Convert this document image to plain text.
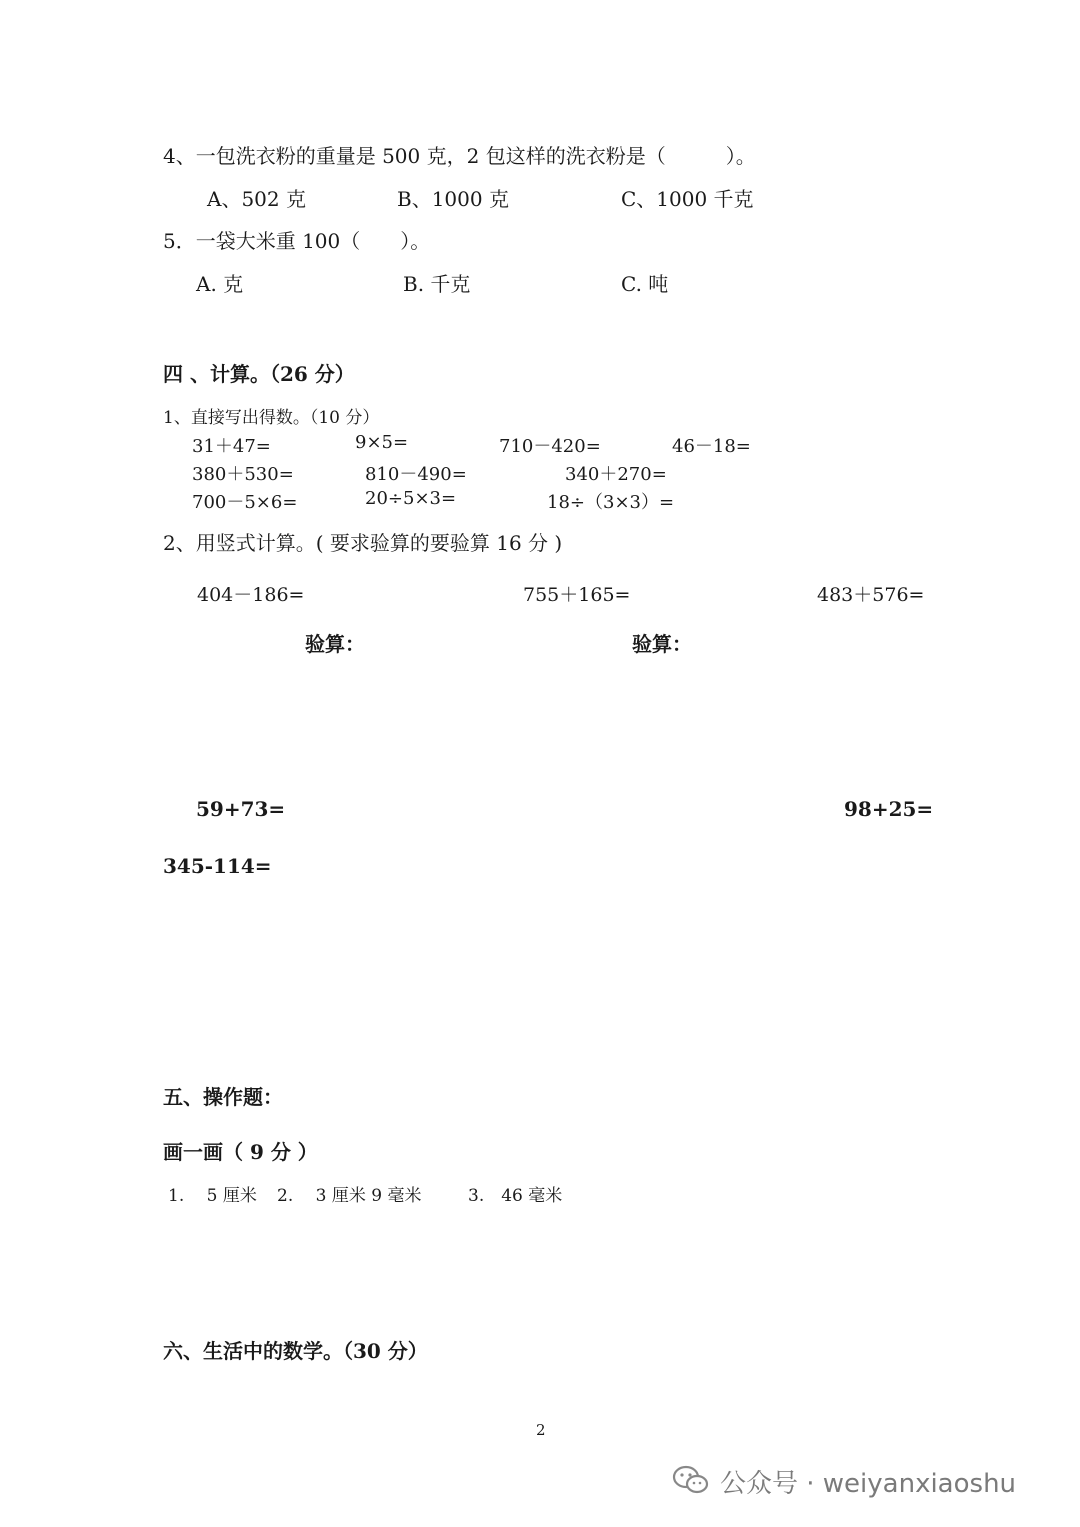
4、一包洗衣粉的重量是 500 克，2 包这样的洗衣粉是（　　　）。
A、502 克	B、1000 克	C、1000 千克
5．一袋大米重 100（　　）。
A. 克	B. 千克	C. 吨
四 、计算。（26 分）
1、直接写出得数。（10 分）
31＋47=	9×5=	710－420=	46－18=
380＋530=	810－490=	340＋270=
700－5×6=	20÷5×3=	18÷（3×3）=
2、用竖式计算。( 要求验算的要验算 16 分 )
404－186=	755＋165=	483＋576=
验算：	验算：
59+73=	98+25=
345-114=
五、操作题：
画一画（ 9 分 ）
1.　 5 厘米 2.　 3 厘米 9 毫米	3.　46 毫米
六、生活中的数学。（30 分）
2
公众号 · weiyanxiaoshu
